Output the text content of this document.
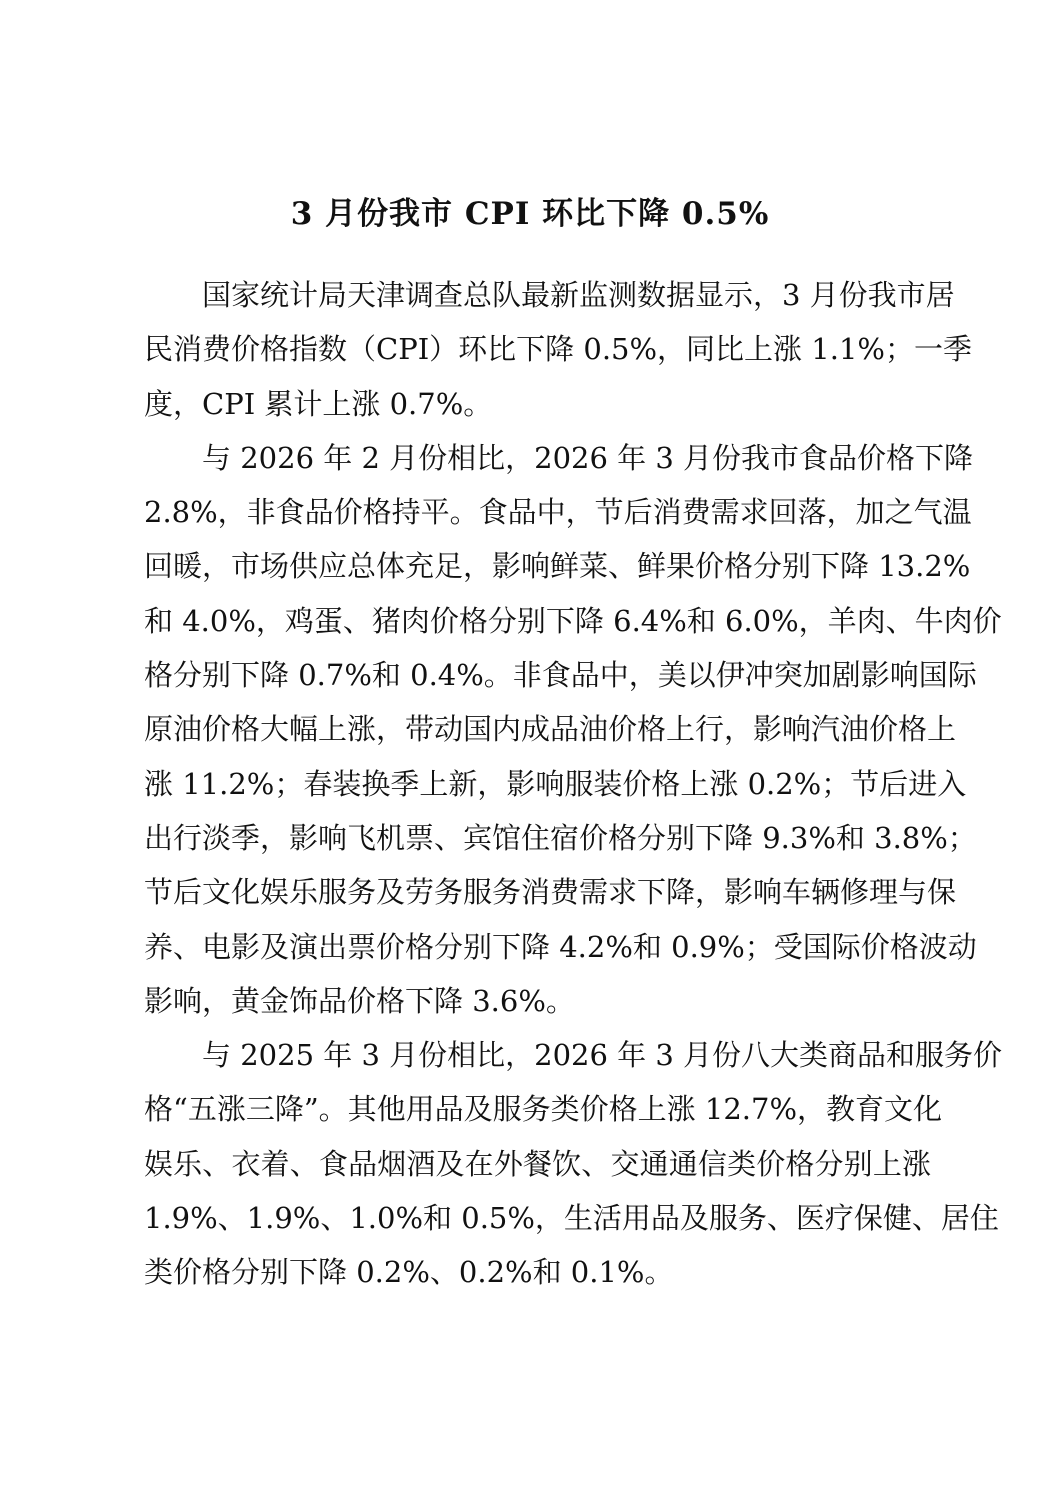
3 月份我市 CPI 环比下降 0.5%
国家统计局天津调查总队最新监测数据显示，3 月份我市居
民消费价格指数（CPI）环比下降 0.5%，同比上涨 1.1%；一季
度，CPI 累计上涨 0.7%。
与 2026 年 2 月份相比，2026 年 3 月份我市食品价格下降
2.8%，非食品价格持平。食品中，节后消费需求回落，加之气温
回暖，市场供应总体充足，影响鲜菜、鲜果价格分别下降 13.2%
和 4.0%，鸡蛋、猪肉价格分别下降 6.4%和 6.0%，羊肉、牛肉价
格分别下降 0.7%和 0.4%。非食品中，美以伊冲突加剧影响国际
原油价格大幅上涨，带动国内成品油价格上行，影响汽油价格上
涨 11.2%；春装换季上新，影响服装价格上涨 0.2%；节后进入
出行淡季，影响飞机票、宾馆住宿价格分别下降 9.3%和 3.8%；
节后文化娱乐服务及劳务服务消费需求下降，影响车辆修理与保
养、电影及演出票价格分别下降 4.2%和 0.9%；受国际价格波动
影响，黄金饰品价格下降 3.6%。
与 2025 年 3 月份相比，2026 年 3 月份八大类商品和服务价
格“五涨三降”。其他用品及服务类价格上涨 12.7%，教育文化
娱乐、衣着、食品烟酒及在外餐饮、交通通信类价格分别上涨
1.9%、1.9%、1.0%和 0.5%，生活用品及服务、医疗保健、居住
类价格分别下降 0.2%、0.2%和 0.1%。
